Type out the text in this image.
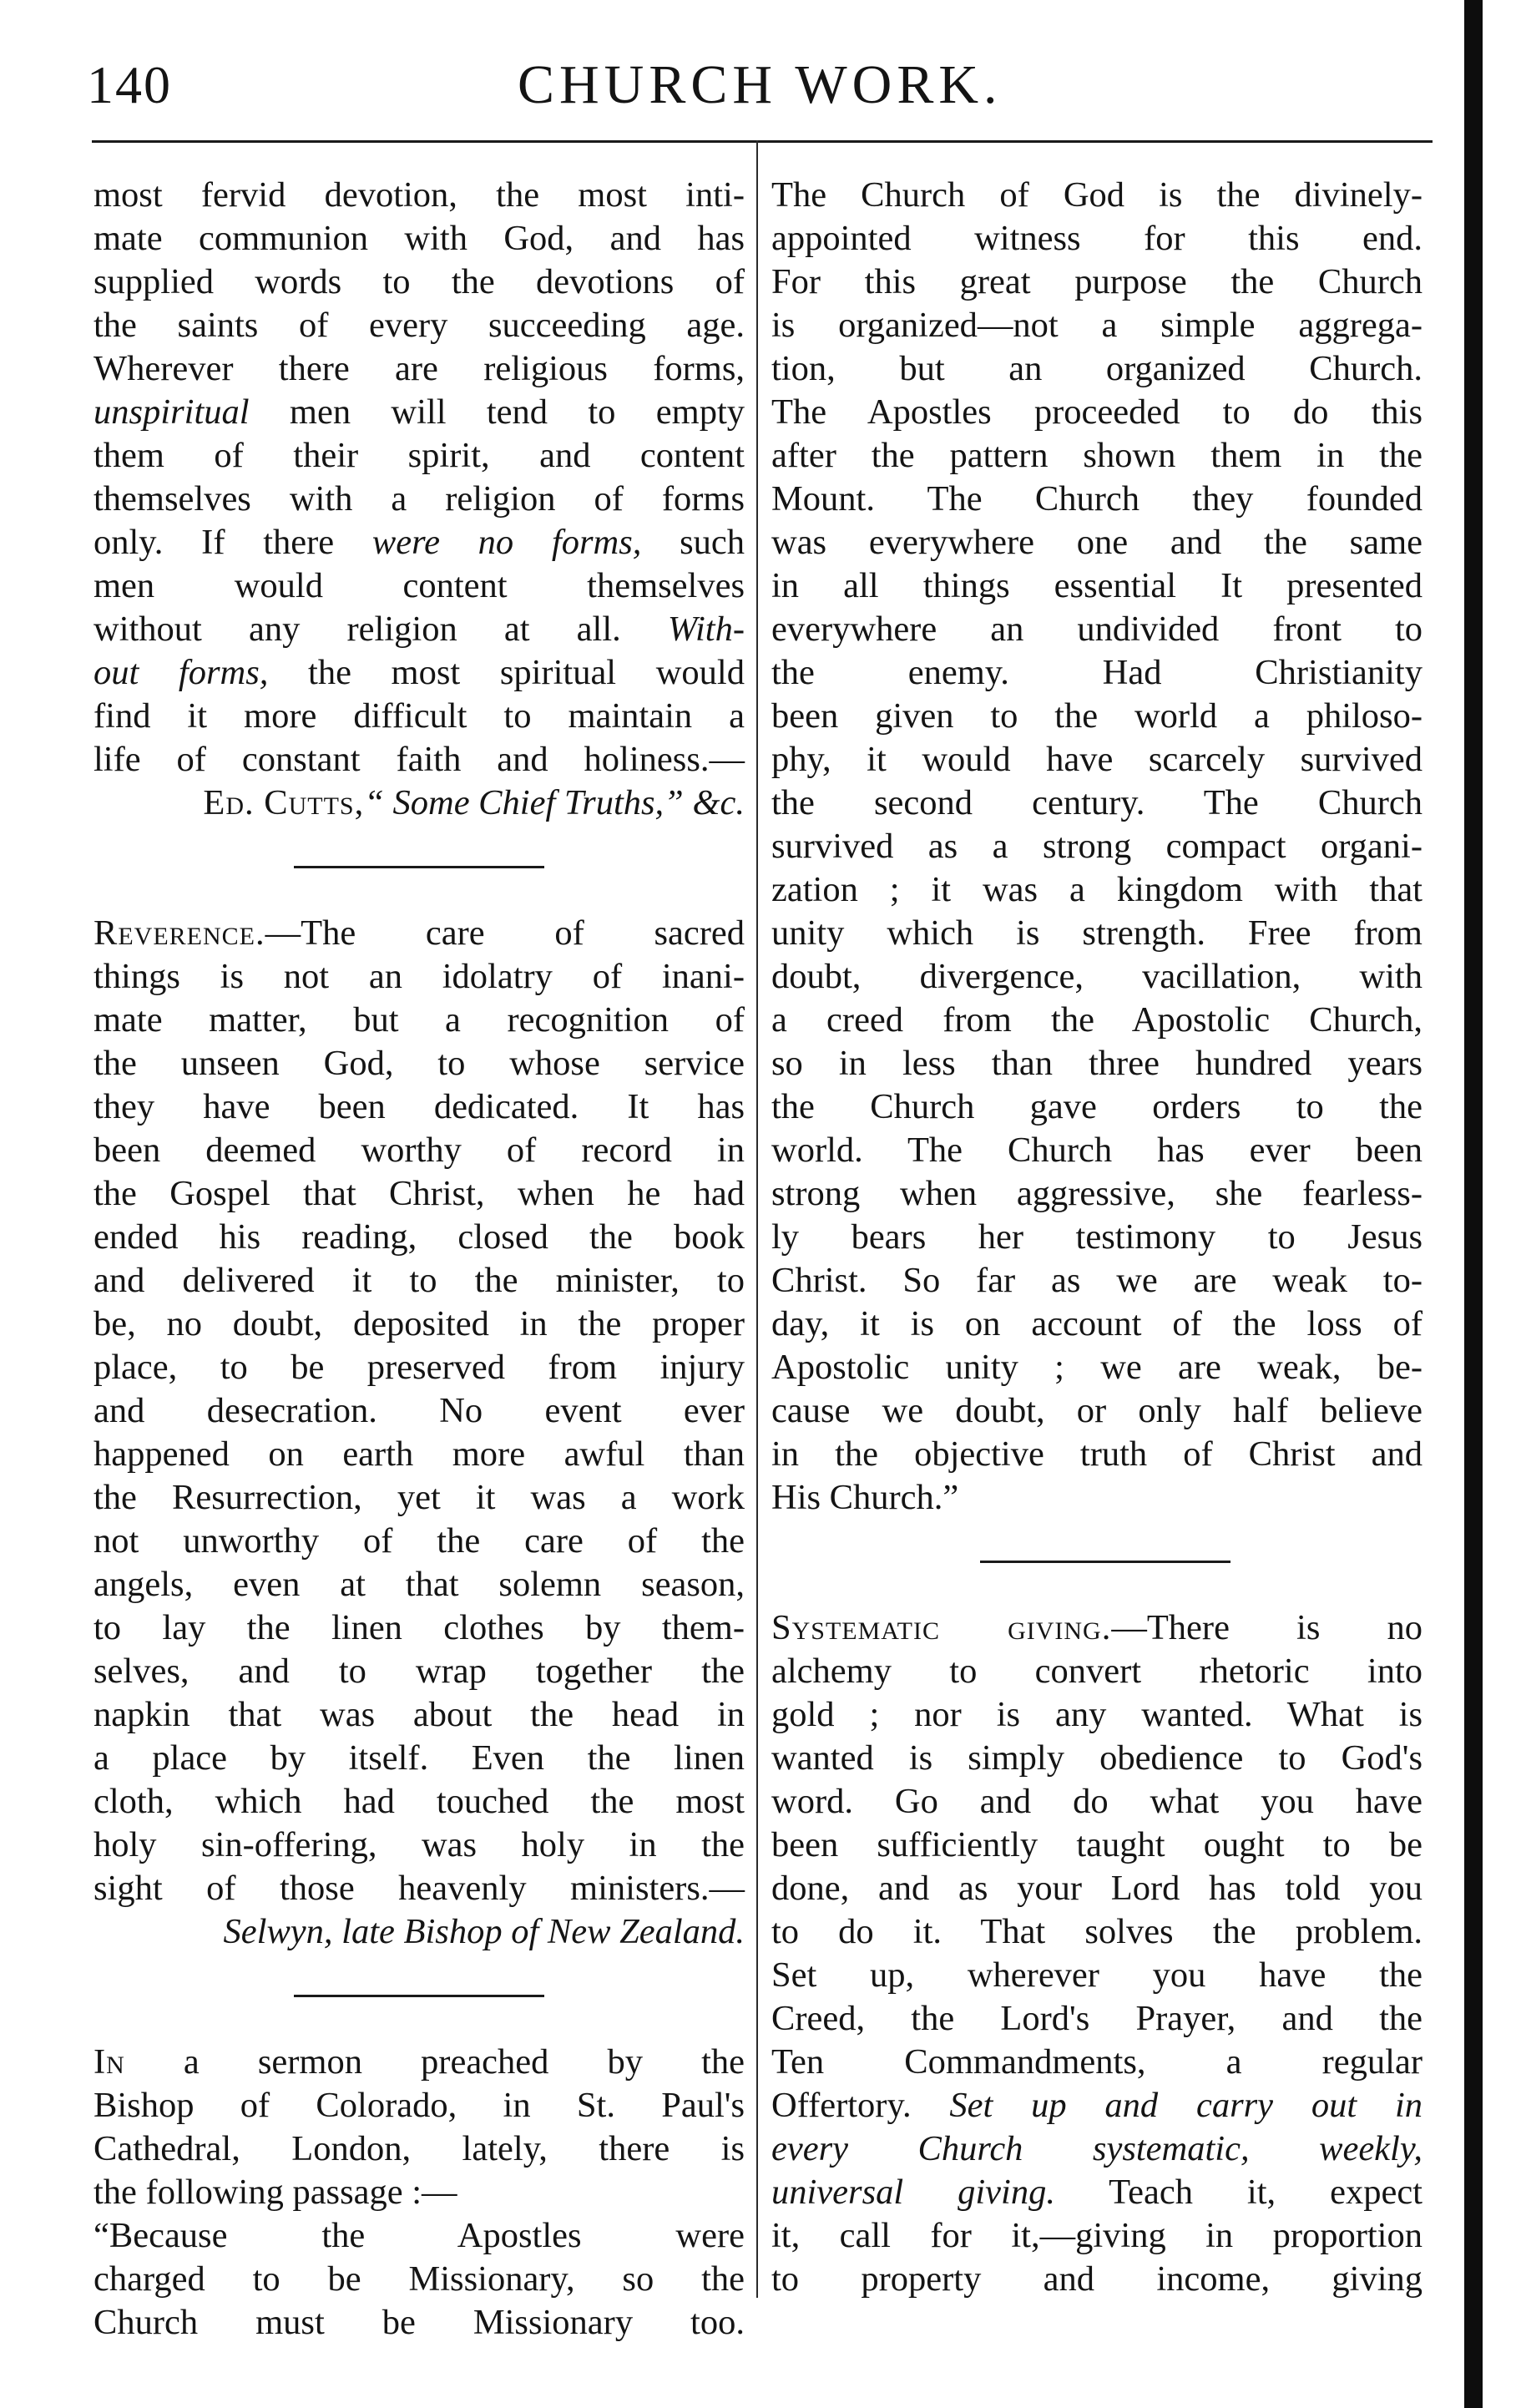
140	CHURCH WORK.
most fervid devotion, the most inti-
mate communion with God, and has
supplied words to the devotions of
the saints of every succeeding age.
Wherever there are religious forms,
unspiritual men will tend to empty
them of their spirit, and content
themselves with a religion of forms
only. If there were no forms, such
men would content themselves
without any religion at all. With-
out forms, the most spiritual would
find it more difficult to maintain a
life of constant faith and holiness.—
Ed. Cutts,“ Some Chief Truths,” &c.
Reverence.—The care of sacred
things is not an idolatry of inani-
mate matter, but a recognition of
the unseen God, to whose service
they have been dedicated. It has
been deemed worthy of record in
the Gospel that Christ, when he had
ended his reading, closed the book
and delivered it to the minister, to
be, no doubt, deposited in the proper
place, to be preserved from injury
and desecration. No event ever
happened on earth more awful than
the Resurrection, yet it was a work
not unworthy of the care of the
angels, even at that solemn season,
to lay the linen clothes by them-
selves, and to wrap together the
napkin that was about the head in
a place by itself. Even the linen
cloth, which had touched the most
holy sin-offering, was holy in the
sight of those heavenly ministers.—
Selwyn, late Bishop of New Zealand.
In a sermon preached by the
Bishop of Colorado, in St. Paul's
Cathedral, London, lately, there is
the following passage :—
“Because the Apostles were
charged to be Missionary, so the
Church must be Missionary too.
The Church of God is the divinely-
appointed witness for this end.
For this great purpose the Church
is organized—not a simple aggrega-
tion, but an organized Church.
The Apostles proceeded to do this
after the pattern shown them in the
Mount. The Church they founded
was everywhere one and the same
in all things essential It presented
everywhere an undivided front to
the enemy. Had Christianity
been given to the world a philoso-
phy, it would have scarcely survived
the second century. The Church
survived as a strong compact organi-
zation ; it was a kingdom with that
unity which is strength. Free from
doubt, divergence, vacillation, with
a creed from the Apostolic Church,
so in less than three hundred years
the Church gave orders to the
world. The Church has ever been
strong when aggressive, she fearless-
ly bears her testimony to Jesus
Christ. So far as we are weak to-
day, it is on account of the loss of
Apostolic unity ; we are weak, be-
cause we doubt, or only half believe
in the objective truth of Christ and
His Church.”
Systematic giving.—There is no
alchemy to convert rhetoric into
gold ; nor is any wanted. What is
wanted is simply obedience to God's
word. Go and do what you have
been sufficiently taught ought to be
done, and as your Lord has told you
to do it. That solves the problem.
Set up, wherever you have the
Creed, the Lord's Prayer, and the
Ten Commandments, a regular
Offertory. Set up and carry out in
every Church systematic, weekly,
universal giving. Teach it, expect
it, call for it,—giving in proportion
to property and income, giving
